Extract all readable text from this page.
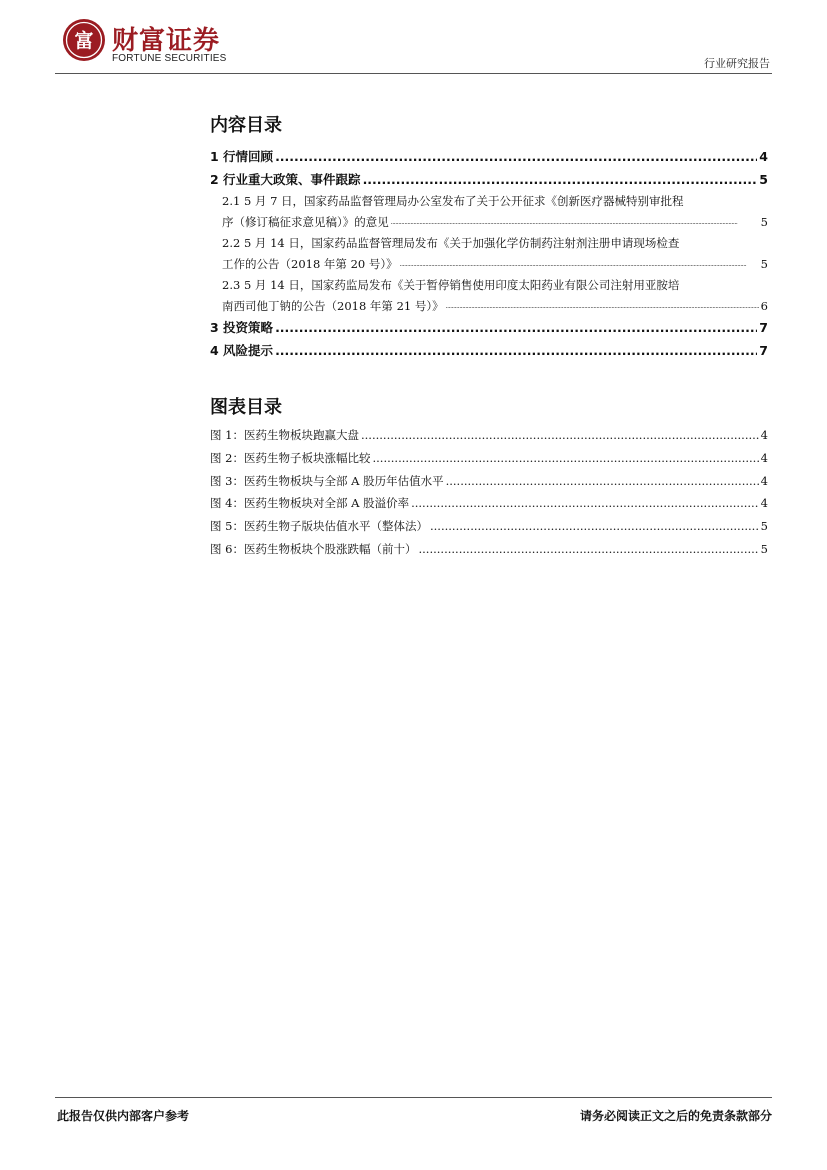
富 财富证券
FORTUNE SECURITIES	行业研究报告
内容目录
1 行情回顾 .....	4
2 行业重大政策、事件跟踪 .....	5
2.1 5 月 7 日，国家药品监督管理局办公室发布了关于公开征求《创新医疗器械特别审批程
序（修订稿征求意见稿）》的意见 .....	5
2.2 5 月 14 日，国家药品监督管理局发布《关于加强化学仿制药注射剂注册申请现场检查
工作的公告（2018 年第 20 号）》 .....	5
2.3 5 月 14 日，国家药监局发布《关于暂停销售使用印度太阳药业有限公司注射用亚胺培
南西司他丁钠的公告（2018 年第 21 号）》 .....	6
3 投资策略 .....	7
4 风险提示 .....	7
图表目录
图 1：医药生物板块跑赢大盘 .....	4
图 2：医药生物子板块涨幅比较 .....	4
图 3：医药生物板块与全部 A 股历年估值水平 .....	4
图 4：医药生物板块对全部 A 股溢价率 .....	4
图 5：医药生物子版块估值水平（整体法） .....	5
图 6：医药生物板块个股涨跌幅（前十） .....	5
此报告仅供内部客户参考	请务必阅读正文之后的免责条款部分
